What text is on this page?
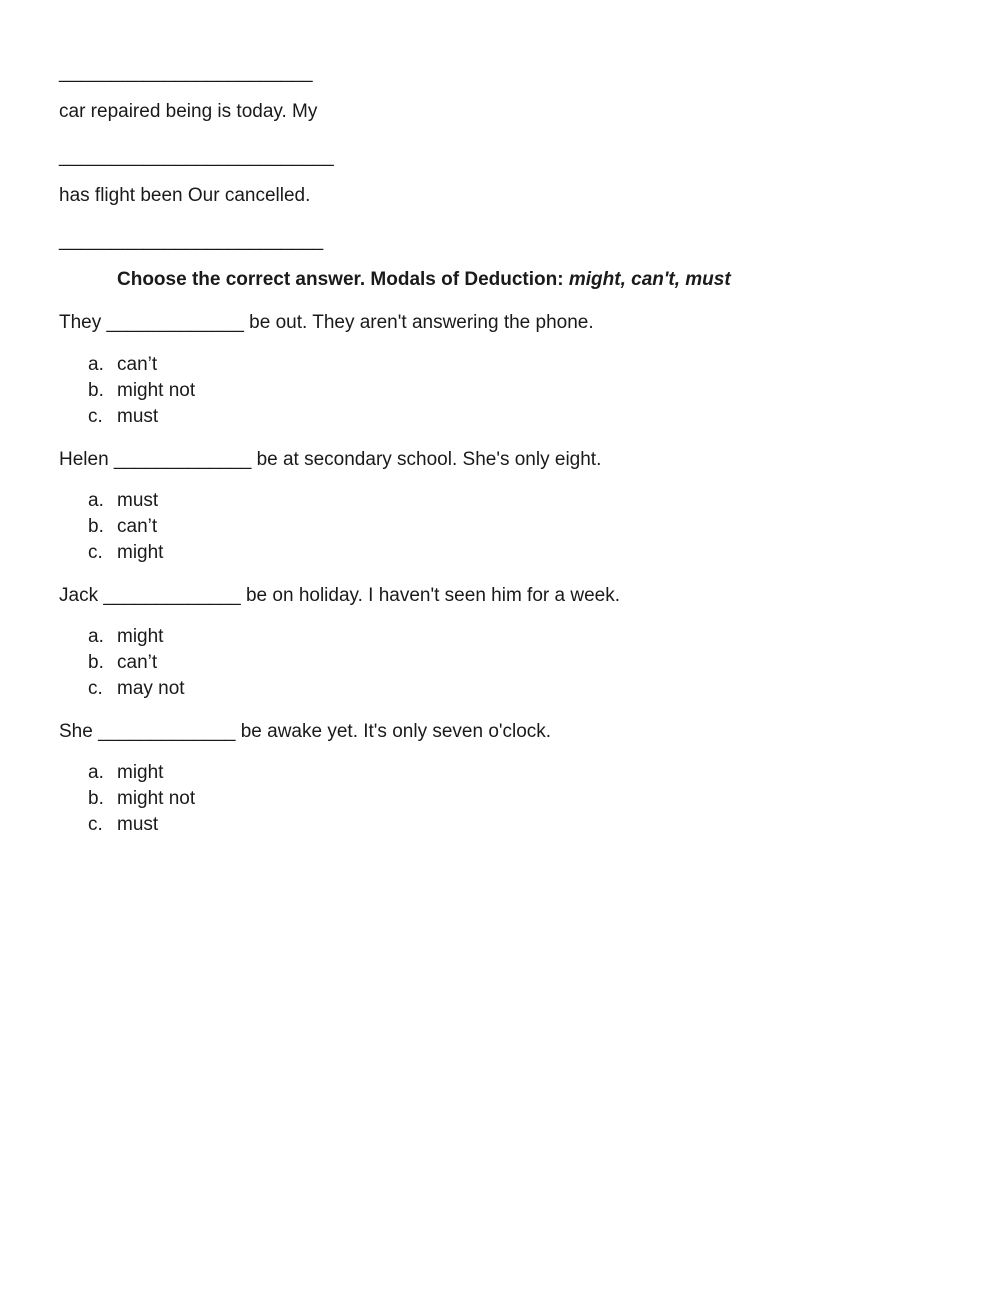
________________________
car repaired being is today. My
__________________________
has flight been Our cancelled.
_________________________
Choose the correct answer. Modals of Deduction: might, can't, must
They _____________ be out. They aren't answering the phone.
a. can’t
b. might not
c. must
Helen _____________ be at secondary school. She's only eight.
a. must
b. can’t
c. might
Jack _____________ be on holiday. I haven't seen him for a week.
a. might
b. can’t
c. may not
She _____________ be awake yet. It's only seven o'clock.
a. might
b. might not
c. must
